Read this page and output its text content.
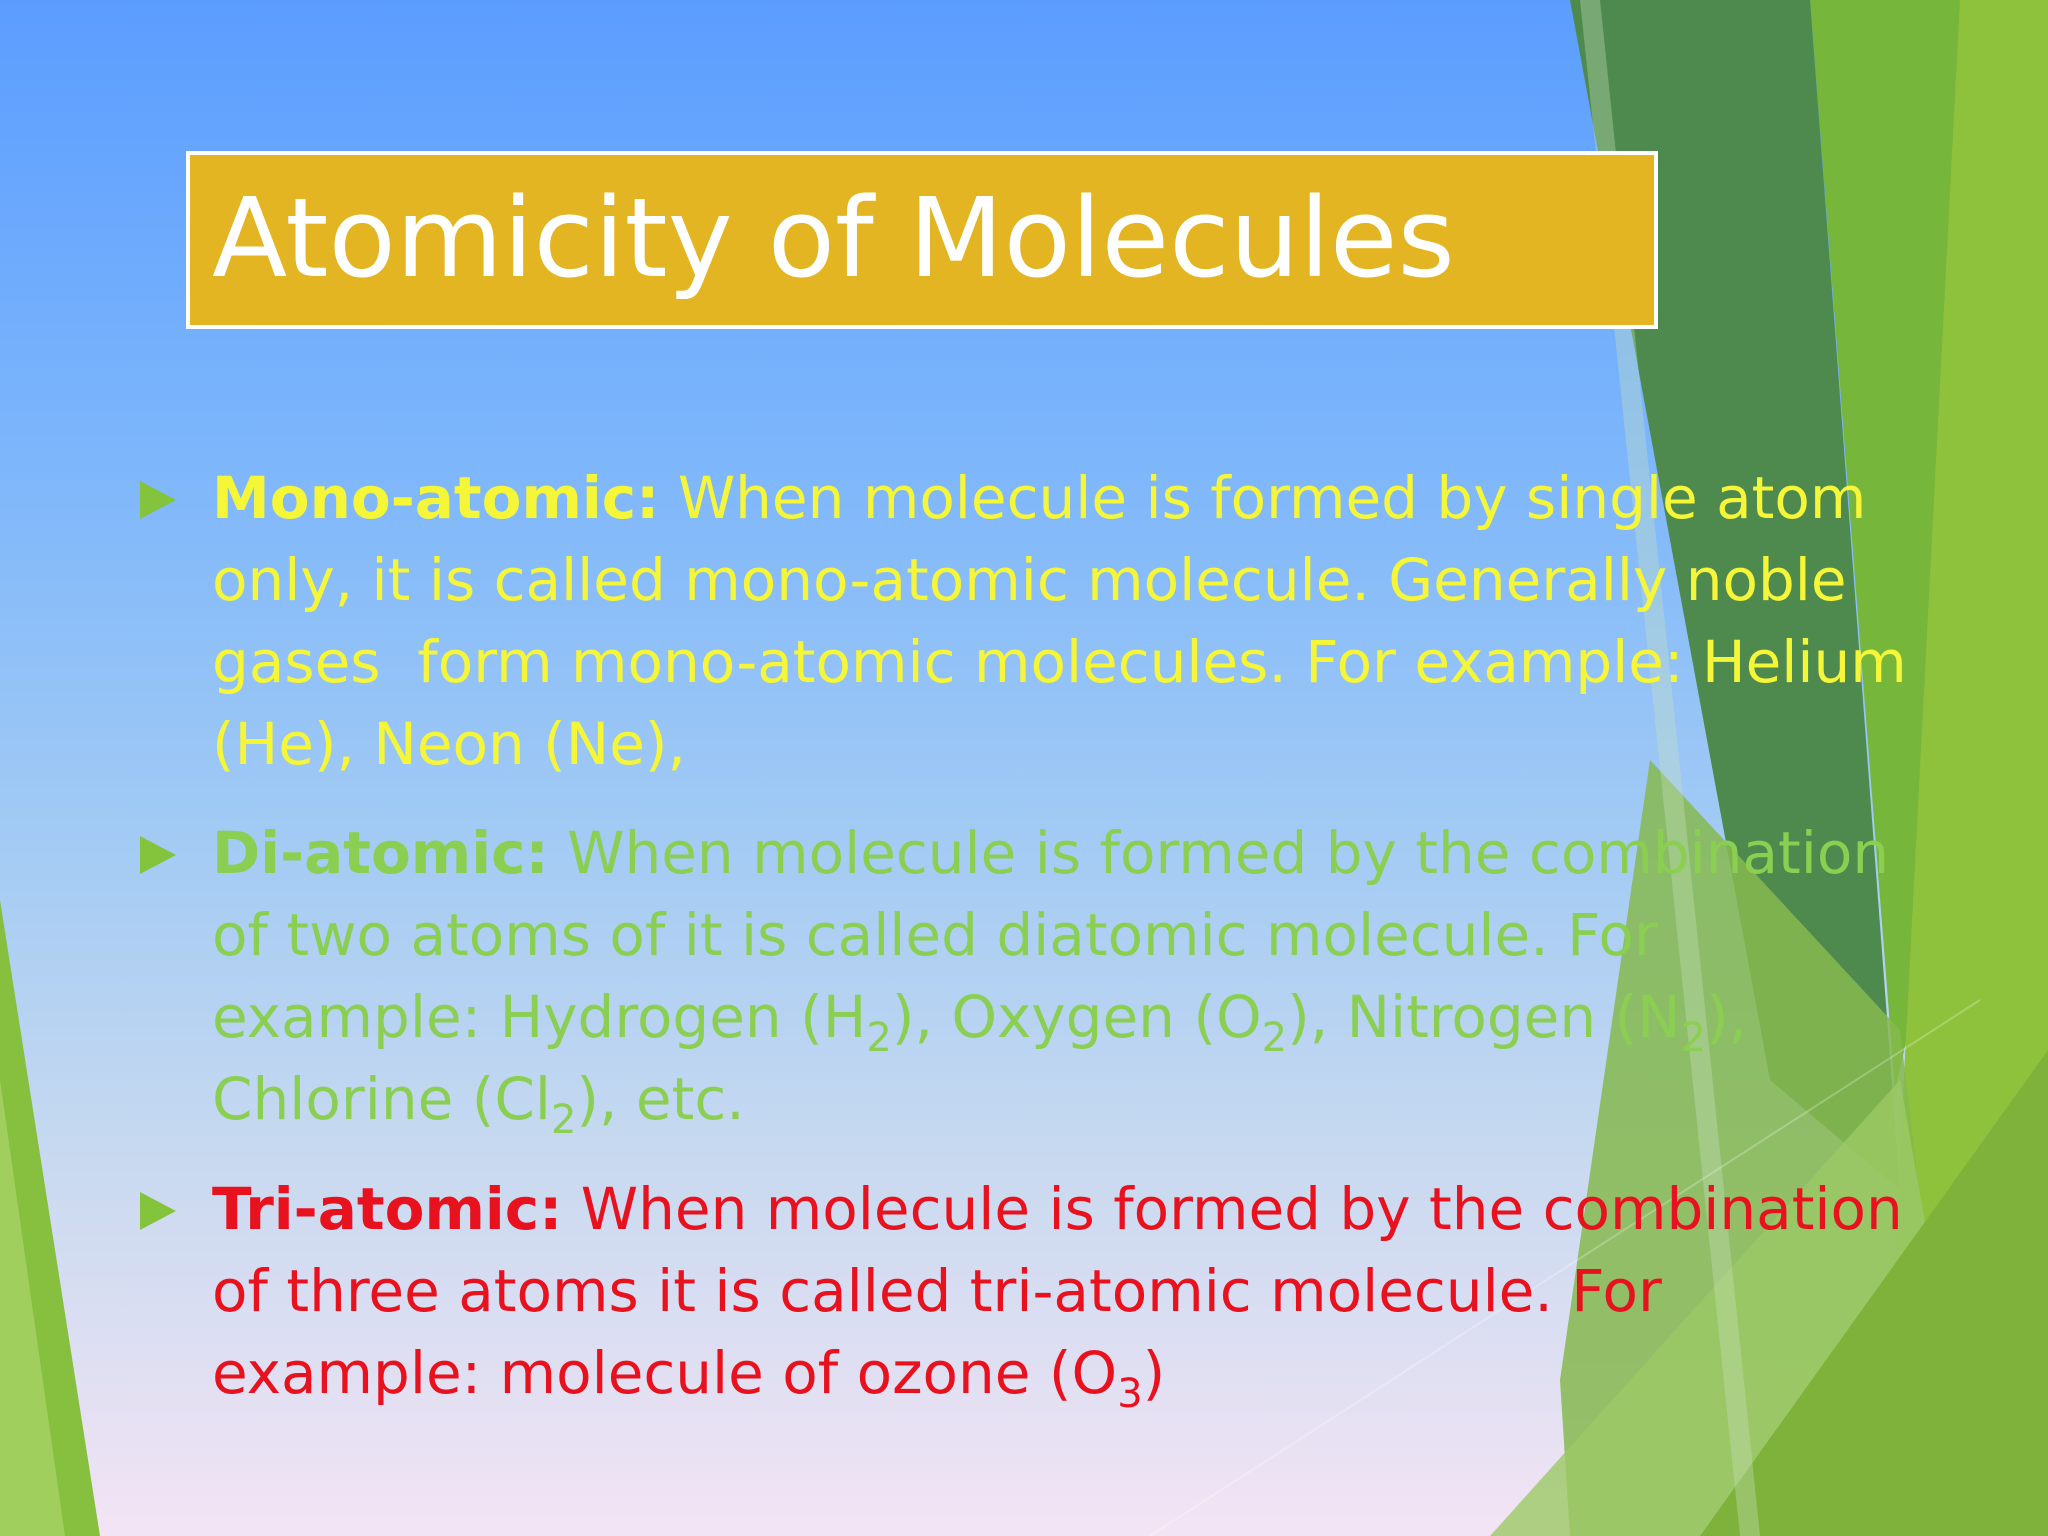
Atomicity of Molecules
Mono-atomic: When molecule is formed by single atom
only, it is called mono-atomic molecule. Generally noble
gases  form mono-atomic molecules. For example: Helium
(He), Neon (Ne),
Di-atomic: When molecule is formed by the combination
of two atoms of it is called diatomic molecule. For
example: Hydrogen $(H_2)$, Oxygen $(O_2)$, Nitrogen $(N_2)$,
Chlorine $(Cl_2)$, etc.
Tri-atomic: When molecule is formed by the combination
of three atoms it is called tri-atomic molecule. For
example: molecule of ozone $(O_3)$
